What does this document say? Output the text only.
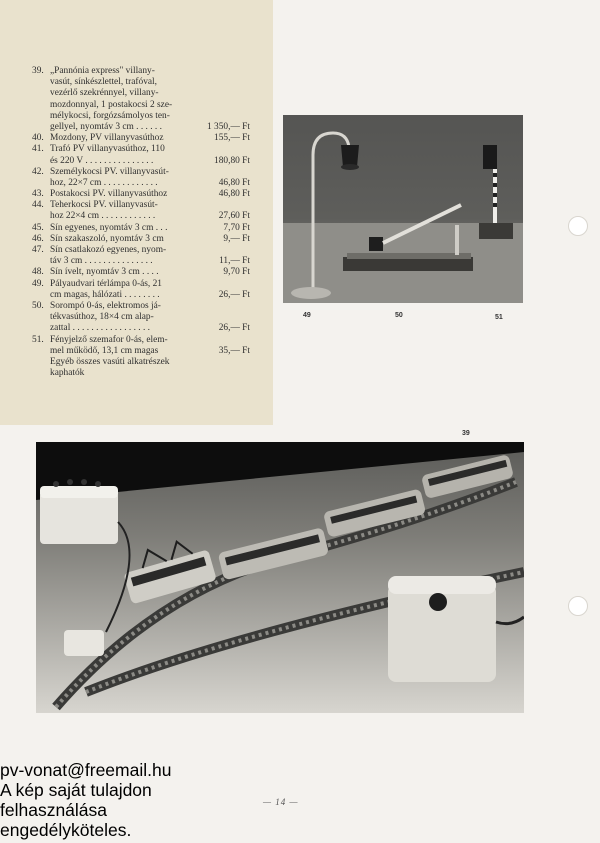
39. „Pannónia express" villany-
vasút, sínkészlettel, trafóval,
vezérlő szekrénnyel, villany-
mozdonnyal, 1 postakocsi 2 sze-
mélykocsi, forgózsámolyos ten-
gellyel, nyomtáv 3 cm . . . . . .	1 350,— Ft
40. Mozdony, PV villanyvasúthoz	155,— Ft
41. Trafó PV villanyvasúthoz, 110
és 220 V . . . . . . . . . . . . . . .	180,80 Ft
42. Személykocsi PV. villanyvasút-
hoz, 22×7 cm . . . . . . . . . . . .	46,80 Ft
43. Postakocsi PV. villanyvasúthoz	46,80 Ft
44. Teherkocsi PV. villanyvasút-
hoz 22×4 cm . . . . . . . . . . . .	27,60 Ft
45. Sín egyenes, nyomtáv 3 cm . . .	7,70 Ft
46. Sín szakaszoló, nyomtáv 3 cm	9,— Ft
47. Sín csatlakozó egyenes, nyom-
táv 3 cm . . . . . . . . . . . . . . .	11,— Ft
48. Sín ívelt, nyomtáv 3 cm . . . .	9,70 Ft
49. Pályaudvari térlámpa 0-ás, 21
cm magas, hálózati . . . . . . . .	26,— Ft
50. Sorompó 0-ás, elektromos já-
tékvasúthoz, 18×4 cm alap-
zattal . . . . . . . . . . . . . . . . .	26,— Ft
51. Fényjelző szemafor 0-ás, elem-
mel működő, 13,1 cm magas	35,— Ft
Egyéb összes vasúti alkatrészek
kaphatók
49	50	51
39
— 14 —
pv-vonat@freemail.hu
A kép saját tulajdon
felhasználása
engedélyköteles.
